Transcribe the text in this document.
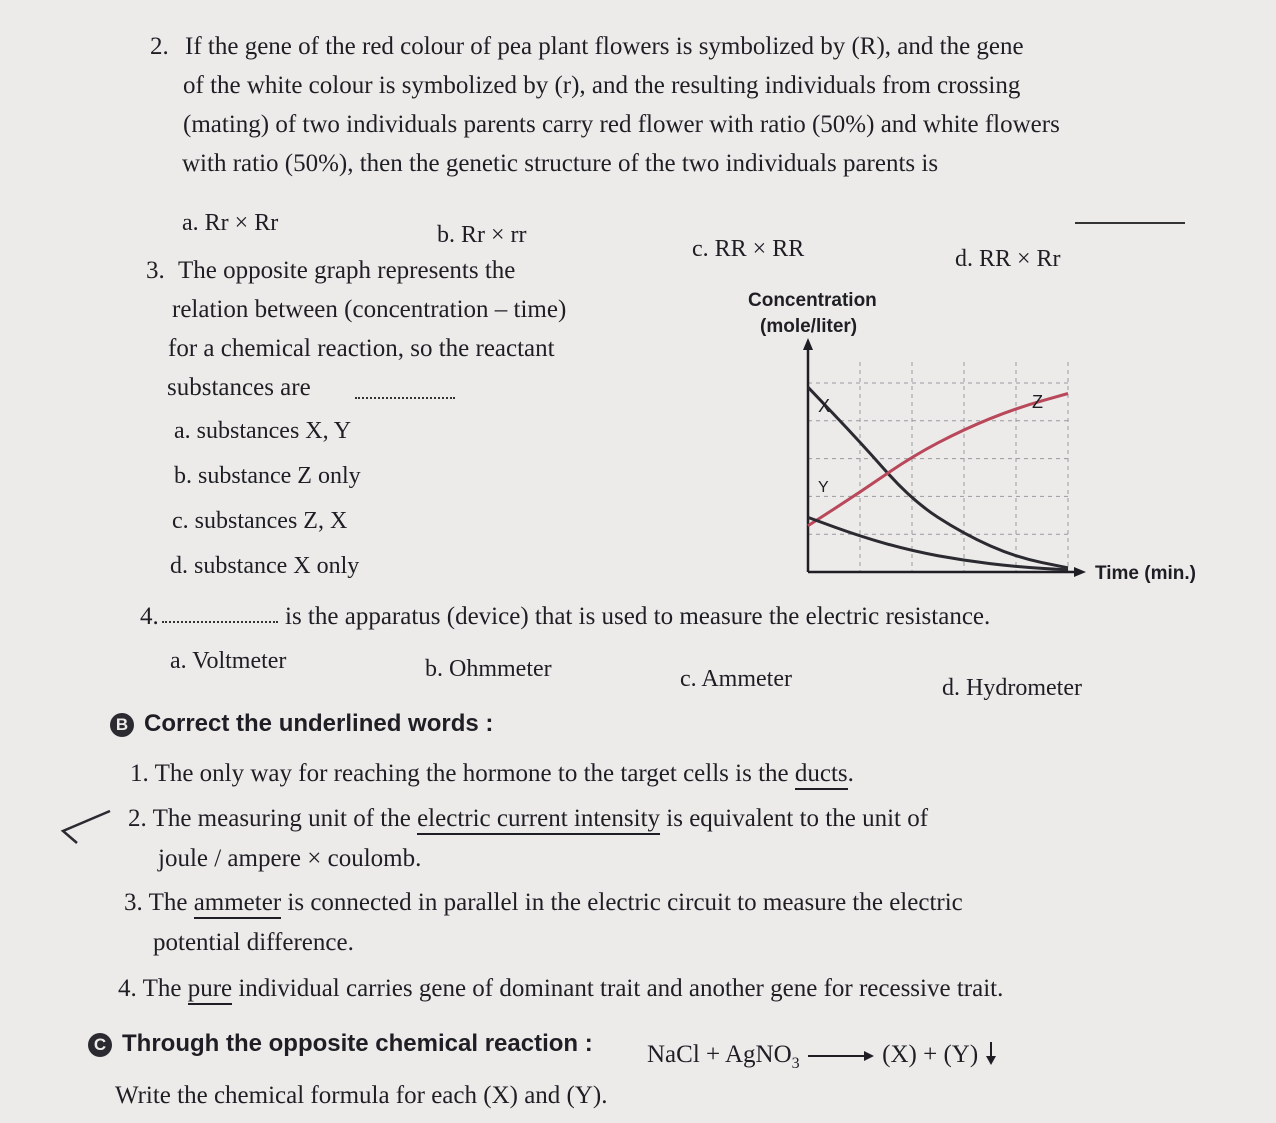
2. If the gene of the red colour of pea plant flowers is symbolized by (R), and the gene
of the white colour is symbolized by (r), and the resulting individuals from crossing
(mating) of two individuals parents carry red flower with ratio (50%) and white flowers
with ratio (50%), then the genetic structure of the two individuals parents is
a. Rr × Rr	b. Rr × rr
c. RR × RR	d. RR × Rr
3. The opposite graph represents the
relation between (concentration – time)
for a chemical reaction, so the reactant
substances are
a. substances X, Y
b. substance Z only
c. substances Z, X
d. substance X only
Concentration
(mole/liter)
X
Y
Z
Time (min.)
4.	is the apparatus (device) that is used to measure the electric resistance.
a. Voltmeter	b. Ohmmeter	c. Ammeter	d. Hydrometer
B Correct the underlined words :
1. The only way for reaching the hormone to the target cells is the ducts.
2. The measuring unit of the electric current intensity is equivalent to the unit of
joule / ampere × coulomb.
3. The ammeter is connected in parallel in the electric circuit to measure the electric
potential difference.
4. The pure individual carries gene of dominant trait and another gene for recessive trait.
C Through the opposite chemical reaction : NaCl + AgNO$_3$ → (X) + (Y)
Write the chemical formula for each (X) and (Y).
